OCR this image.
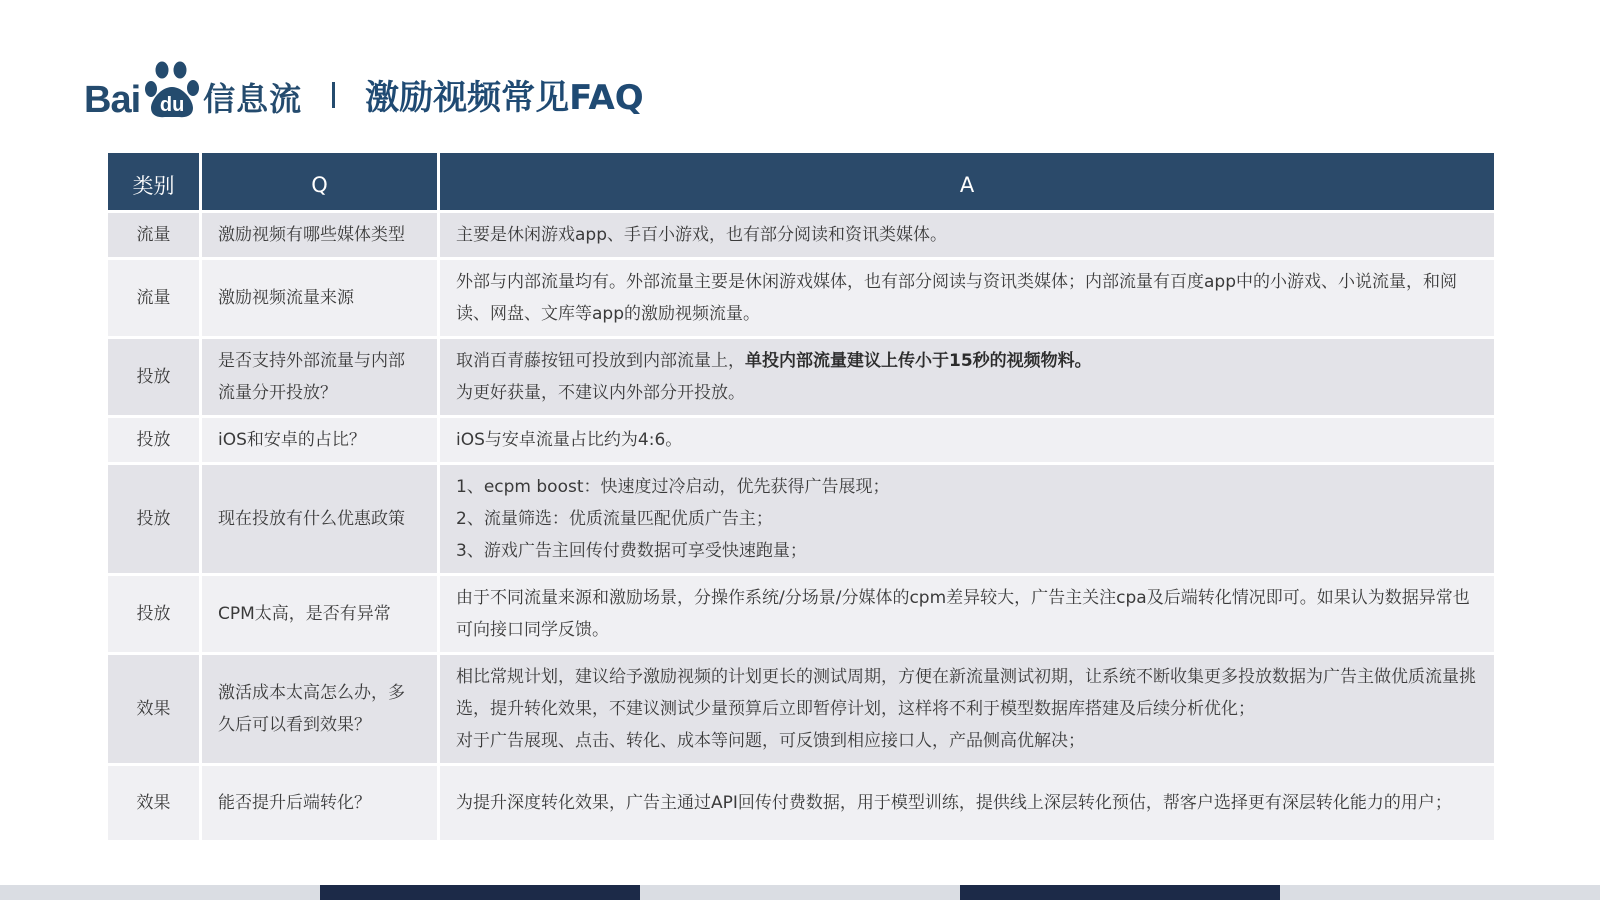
Bai du 信息流 激励视频常见FAQ
类别	Q	A
流量	激励视频有哪些媒体类型	主要是休闲游戏app、手百小游戏，也有部分阅读和资讯类媒体。

流量	激励视频流量来源	外部与内部流量均有。外部流量主要是休闲游戏媒体，也有部分阅读与资讯类媒体；内部流量有百度app中的小游戏、小说流量，和阅读、网盘、文库等app的激励视频流量。

投放	是否支持外部流量与内部流量分开投放？	取消百青藤按钮可投放到内部流量上，单投内部流量建议上传小于15秒的视频物料。
为更好获量，不建议内外部分开投放。

投放	iOS和安卓的占比？	iOS与安卓流量占比约为4:6。

投放	现在投放有什么优惠政策	1、ecpm boost：快速度过冷启动，优先获得广告展现；
2、流量筛选：优质流量匹配优质广告主；
3、游戏广告主回传付费数据可享受快速跑量；

投放	CPM太高，是否有异常	由于不同流量来源和激励场景，分操作系统/分场景/分媒体的cpm差异较大，广告主关注cpa及后端转化情况即可。如果认为数据异常也可向接口同学反馈。

效果	激活成本太高怎么办，多久后可以看到效果？	相比常规计划，建议给予激励视频的计划更长的测试周期，方便在新流量测试初期，让系统不断收集更多投放数据为广告主做优质流量挑选，提升转化效果，不建议测试少量预算后立即暂停计划，这样将不利于模型数据库搭建及后续分析优化；
对于广告展现、点击、转化、成本等问题，可反馈到相应接口人，产品侧高优解决；

效果	能否提升后端转化？	为提升深度转化效果，广告主通过API回传付费数据，用于模型训练，提供线上深层转化预估，帮客户选择更有深层转化能力的用户；
